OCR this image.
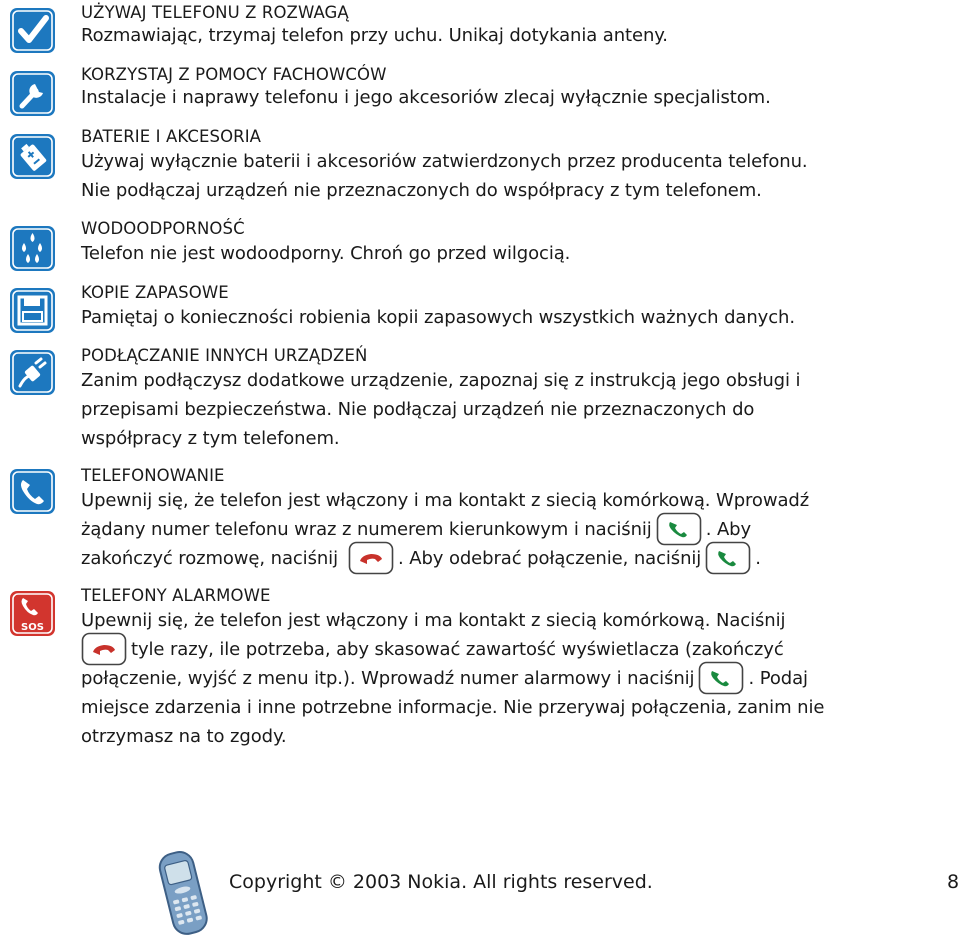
SOS
UŻYWAJ TELEFONU Z ROZWAGĄ
Rozmawiając, trzymaj telefon przy uchu. Unikaj dotykania anteny.
KORZYSTAJ Z POMOCY FACHOWCÓW
Instalacje i naprawy telefonu i jego akcesoriów zlecaj wyłącznie specjalistom.
BATERIE I AKCESORIA
Używaj wyłącznie baterii i akcesoriów zatwierdzonych przez producenta telefonu.
Nie podłączaj urządzeń nie przeznaczonych do współpracy z tym telefonem.
WODOODPORNOŚĆ
Telefon nie jest wodoodporny. Chroń go przed wilgocią.
KOPIE ZAPASOWE
Pamiętaj o konieczności robienia kopii zapasowych wszystkich ważnych danych.
PODŁĄCZANIE INNYCH URZĄDZEŃ
Zanim podłączysz dodatkowe urządzenie, zapoznaj się z instrukcją jego obsługi i
przepisami bezpieczeństwa. Nie podłączaj urządzeń nie przeznaczonych do
współpracy z tym telefonem.
TELEFONOWANIE
Upewnij się, że telefon jest włączony i ma kontakt z siecią komórkową. Wprowadź
żądany numer telefonu wraz z numerem kierunkowym i naciśnij	. Aby
zakończyć rozmowę, naciśnij	. Aby odebrać połączenie, naciśnij	.
TELEFONY ALARMOWE
Upewnij się, że telefon jest włączony i ma kontakt z siecią komórkową. Naciśnij
tyle razy, ile potrzeba, aby skasować zawartość wyświetlacza (zakończyć
połączenie, wyjść z menu itp.). Wprowadź numer alarmowy i naciśnij	. Podaj
miejsce zdarzenia i inne potrzebne informacje. Nie przerywaj połączenia, zanim nie
otrzymasz na to zgody.
Copyright © 2003 Nokia. All rights reserved.	8
